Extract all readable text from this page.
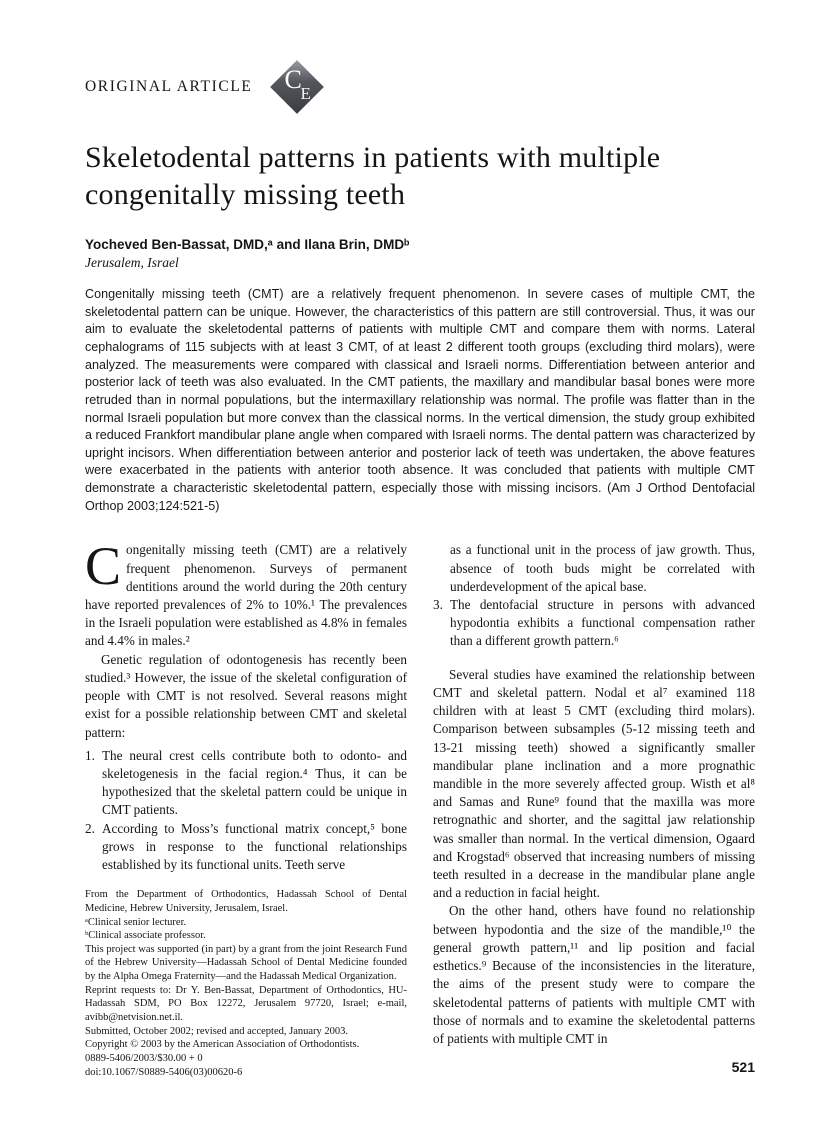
ORIGINAL ARTICLE C
E
Skeletodental patterns in patients with multiple congenitally missing teeth
Yocheved Ben-Bassat, DMD,ᵃ and Ilana Brin, DMDᵇ
Jerusalem, Israel
Congenitally missing teeth (CMT) are a relatively frequent phenomenon. In severe cases of multiple CMT, the skeletodental pattern can be unique. However, the characteristics of this pattern are still controversial. Thus, it was our aim to evaluate the skeletodental patterns of patients with multiple CMT and compare them with norms. Lateral cephalograms of 115 subjects with at least 3 CMT, of at least 2 different tooth groups (excluding third molars), were analyzed. The measurements were compared with classical and Israeli norms. Differentiation between anterior and posterior lack of teeth was also evaluated. In the CMT patients, the maxillary and mandibular basal bones were more retruded than in normal populations, but the intermaxillary relationship was normal. The profile was flatter than in the normal Israeli population but more convex than the classical norms. In the vertical dimension, the study group exhibited a reduced Frankfort mandibular plane angle when compared with Israeli norms. The dental pattern was characterized by upright incisors. When differentiation between anterior and posterior lack of teeth was undertaken, the above features were exacerbated in the patients with anterior tooth absence. It was concluded that patients with multiple CMT demonstrate a characteristic skeletodental pattern, especially those with missing incisors. (Am J Orthod Dentofacial Orthop 2003;124:521-5)

Congenitally missing teeth (CMT) are a relatively frequent phenomenon. Surveys of permanent dentitions around the world during the 20th century have reported prevalences of 2% to 10%.¹ The prevalences in the Israeli population were established as 4.8% in females and 4.4% in males.²

Genetic regulation of odontogenesis has recently been studied.³ However, the issue of the skeletal configuration of people with CMT is not resolved. Several reasons might exist for a possible relationship between CMT and skeletal pattern:

1. The neural crest cells contribute both to odonto- and skeletogenesis in the facial region.⁴ Thus, it can be hypothesized that the skeletal pattern could be unique in CMT patients.
2. According to Moss’s functional matrix concept,⁵ bone grows in response to the functional relationships established by its functional units. Teeth serve

From the Department of Orthodontics, Hadassah School of Dental Medicine, Hebrew University, Jerusalem, Israel.

ᵃClinical senior lecturer.

ᵇClinical associate professor.

This project was supported (in part) by a grant from the joint Research Fund of the Hebrew University—Hadassah School of Dental Medicine founded by the Alpha Omega Fraternity—and the Hadassah Medical Organization.

Reprint requests to: Dr Y. Ben-Bassat, Department of Orthodontics, HU-Hadassah SDM, PO Box 12272, Jerusalem 97720, Israel; e-mail, avibb@netvision.net.il.

Submitted, October 2002; revised and accepted, January 2003.

Copyright © 2003 by the American Association of Orthodontists.

0889-5406/2003/$30.00 + 0

doi:10.1067/S0889-5406(03)00620-6

as a functional unit in the process of jaw growth. Thus, absence of tooth buds might be correlated with underdevelopment of the apical base.

3. The dentofacial structure in persons with advanced hypodontia exhibits a functional compensation rather than a different growth pattern.⁶

Several studies have examined the relationship between CMT and skeletal pattern. Nodal et al⁷ examined 118 children with at least 5 CMT (excluding third molars). Comparison between subsamples (5-12 missing teeth and 13-21 missing teeth) showed a significantly smaller mandibular plane inclination and a more prognathic mandible in the more severely affected group. Wisth et al⁸ and Samas and Rune⁹ found that the maxilla was more retrognathic and shorter, and the sagittal jaw relationship was smaller than normal. In the vertical dimension, Ogaard and Krogstad⁶ observed that increasing numbers of missing teeth resulted in a decrease in the mandibular plane angle and a reduction in facial height.

On the other hand, others have found no relationship between hypodontia and the size of the mandible,¹⁰ the general growth pattern,¹¹ and lip position and facial esthetics.⁹ Because of the inconsistencies in the literature, the aims of the present study were to compare the skeletodental patterns of patients with multiple CMT with those of normals and to examine the skeletodental patterns of patients with multiple CMT in

521
